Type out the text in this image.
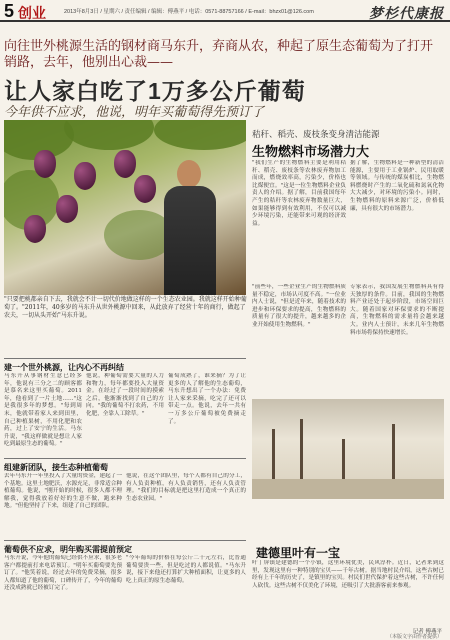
5 创业	2013年8月3日 / 星期六 / 责任编辑 / 编辑：傅燕平 / 电话：0571-88757166 / E-mail：bhzx01@126.com	梦杉代康报
向往世外桃源生活的钢材商马东升，弃商从农，种起了原生态葡萄为了打开销路，去年，他别出心裁——
让人家白吃了1万多公斤葡萄
今年供不应求，他说，明年买葡萄得先预订了
"只要把桃都亲自下去，我就会不计一切代价地做这样的一个生态农业园。我就这样开始种葡萄了。"2011年，40多岁的马东升从世外桃源中回来，从此放弃了经营十年的商行，做起了农夫，一切从头开始"马东升说。
建一个世外桃源，让内心不再纠结
马东升从事钢材生意已经多年，他说有三分之二的顾客都是慕名来这里买葡萄。2011年，他看到了一片土地……"这是我很多年的梦想。"每到周末，他就带着家人来到田里，自己种植果树，不用化肥和农药，过上了安宁的生活。马东升说，"我这样做就是想让人家吃到最原生态的葡萄。"
他说，种葡萄需要大量的人力和物力，每年都要投入大量资金。在经过了一段时间的摸索之后，他渐渐找到了自己的方向。"我的葡萄不打农药，不用化肥，全靠人工除草。"
葡萄成熟了，谁来摘？为了让更多的人了解他的生态葡萄，马东升想出了一个办法：免费让人家来采摘，吃完了还可以带走一点。他说，去年一共有一万多公斤葡萄被免费摘走了。
组建新团队，接生态种植葡萄
去年马东升一年里投入了大量的资金，建起了一个基地。这里土地肥沃，水源充足，非常适合种植葡萄。他说，"刚开始的时候，很多人都不理解我，觉得我放着好好的生意不做，跑来种地。"但他坚持了下来，组建了自己的团队。
他说，在这个团队里，每个人都有自己的分工，有人负责种植，有人负责销售，还有人负责管理。"我们的目标就是把这里打造成一个真正的生态农业园。"
葡萄供不应求，明年购买需提前预定
马东升说，今年他的葡萄已经供不应求，很多老客户都提前打来电话预订。"明年买葡萄要先预订了。"他笑着说，经过去年的免费采摘，很多人都知道了他的葡萄，口碑传开了，今年的葡萄还没成熟就已经被订完了。
"今年葡萄的价格在每公斤二十元左右，比普通葡萄要贵一些，但是吃过的人都说值。"马东升说，接下来他还打算扩大种植面积，让更多的人吃上真正的原生态葡萄。
秸秆、稻壳、废枝条变身清洁能源
生物燃料市场潜力大
"我们生产的生物燃料主要是利用秸秆、稻壳、废枝条等农林废弃物加工而成，燃烧效率高，污染少，价格也比煤便宜。"这是一位生物燃料企业负责人的介绍。据了解，目前我国每年产生的秸秆等农林废弃物数量巨大，如果能够得到有效利用，不仅可以减少环境污染，还能带来可观的经济效益。
据了解，生物燃料是一种新型的清洁能源，主要用于工业锅炉、民用取暖等领域。与传统的煤炭相比，生物燃料燃烧时产生的二氧化硫和氮氧化物大大减少，对环境的污染小。同时，生物燃料的原料来源广泛，价格低廉，具有很大的市场潜力。
"前些年，一些企业生产的生物燃料质量不稳定，市场认可度不高。"一位业内人士说，"但是近年来，随着技术的进步和环保要求的提高，生物燃料的质量有了很大的提升，越来越多的企业开始使用生物燃料。"
专家表示，我国发展生物燃料具有得天独厚的条件。目前，我国的生物燃料产业还处于起步阶段，市场空间巨大。随着国家对环保要求的不断提高，生物燃料的需求量将会越来越大。业内人士预计，未来几年生物燃料市场将保持快速增长。
建德里叶有一宝
叶丁屏镇是建德的一个小镇，这里环境优美，民风淳朴。近日，记者来到这里，发现这里有一种特别的宝贝——千年古树。据当地村民介绍，这些古树已经有上千年的历史了，是镇里的宝贝。村民们世代保护着这些古树，不许任何人砍伐。这些古树不仅美化了环境，还吸引了大批游客前来参观。
记者 傅燕平
（本版文字由作者提供）
